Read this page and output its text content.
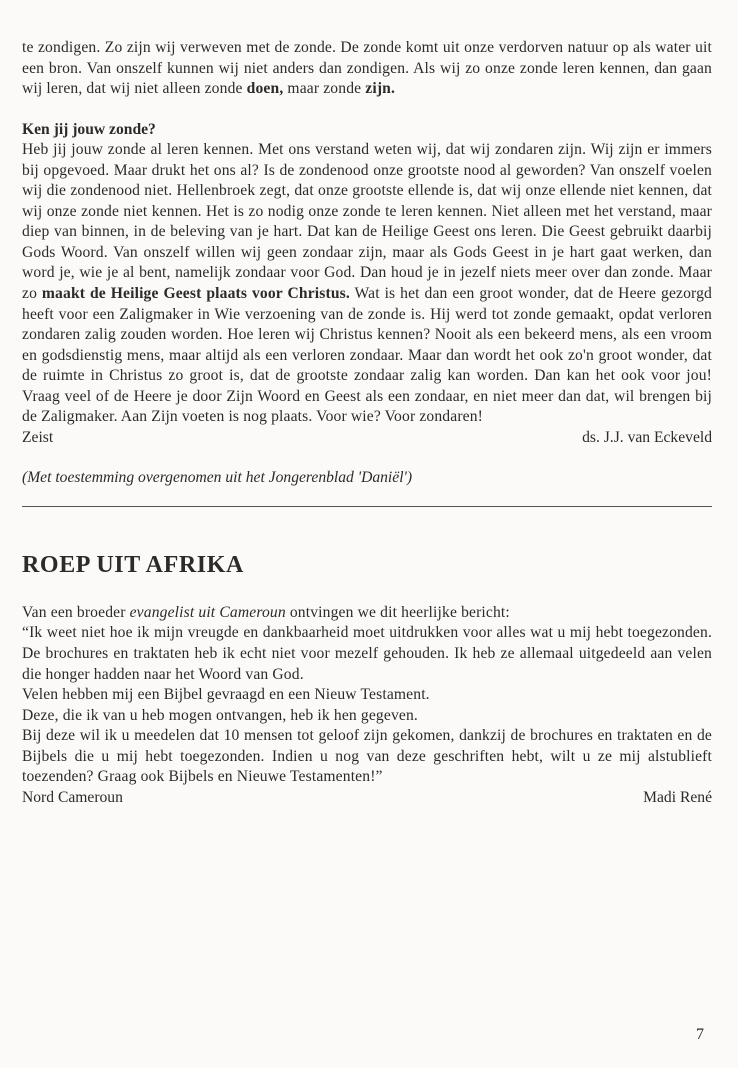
te zondigen. Zo zijn wij verweven met de zonde. De zonde komt uit onze verdorven natuur op als water uit een bron. Van onszelf kunnen wij niet anders dan zondigen. Als wij zo onze zonde leren kennen, dan gaan wij leren, dat wij niet alleen zonde doen, maar zonde zijn.

Ken jij jouw zonde?

Heb jij jouw zonde al leren kennen. Met ons verstand weten wij, dat wij zondaren zijn. Wij zijn er immers bij opgevoed. Maar drukt het ons al? Is de zondenood onze grootste nood al geworden? Van onszelf voelen wij die zondenood niet. Hellenbroek zegt, dat onze grootste ellende is, dat wij onze ellende niet kennen, dat wij onze zonde niet kennen. Het is zo nodig onze zonde te leren kennen. Niet alleen met het verstand, maar diep van binnen, in de beleving van je hart. Dat kan de Heilige Geest ons leren. Die Geest gebruikt daarbij Gods Woord. Van onszelf willen wij geen zondaar zijn, maar als Gods Geest in je hart gaat werken, dan word je, wie je al bent, namelijk zondaar voor God. Dan houd je in jezelf niets meer over dan zonde. Maar zo maakt de Heilige Geest plaats voor Christus. Wat is het dan een groot wonder, dat de Heere gezorgd heeft voor een Zaligmaker in Wie verzoening van de zonde is. Hij werd tot zonde gemaakt, opdat verloren zondaren zalig zouden worden. Hoe leren wij Christus kennen? Nooit als een bekeerd mens, als een vroom en godsdienstig mens, maar altijd als een verloren zondaar. Maar dan wordt het ook zo'n groot wonder, dat de ruimte in Christus zo groot is, dat de grootste zondaar zalig kan worden. Dan kan het ook voor jou! Vraag veel of de Heere je door Zijn Woord en Geest als een zondaar, en niet meer dan dat, wil brengen bij de Zaligmaker. Aan Zijn voeten is nog plaats. Voor wie? Voor zondaren!

Zeist	ds. J.J. van Eckeveld
(Met toestemming overgenomen uit het Jongerenblad 'Daniël')
ROEP UIT AFRIKA

Van een broeder evangelist uit Cameroun ontvingen we dit heerlijke bericht:

“Ik weet niet hoe ik mijn vreugde en dankbaarheid moet uitdrukken voor alles wat u mij hebt toegezonden. De brochures en traktaten heb ik echt niet voor mezelf gehouden. Ik heb ze allemaal uitgedeeld aan velen die honger hadden naar het Woord van God.

Velen hebben mij een Bijbel gevraagd en een Nieuw Testament.

Deze, die ik van u heb mogen ontvangen, heb ik hen gegeven.

Bij deze wil ik u meedelen dat 10 mensen tot geloof zijn gekomen, dankzij de brochures en traktaten en de Bijbels die u mij hebt toegezonden. Indien u nog van deze geschriften hebt, wilt u ze mij alstublieft toezenden? Graag ook Bijbels en Nieuwe Testamenten!”

Nord Cameroun	Madi René
7
